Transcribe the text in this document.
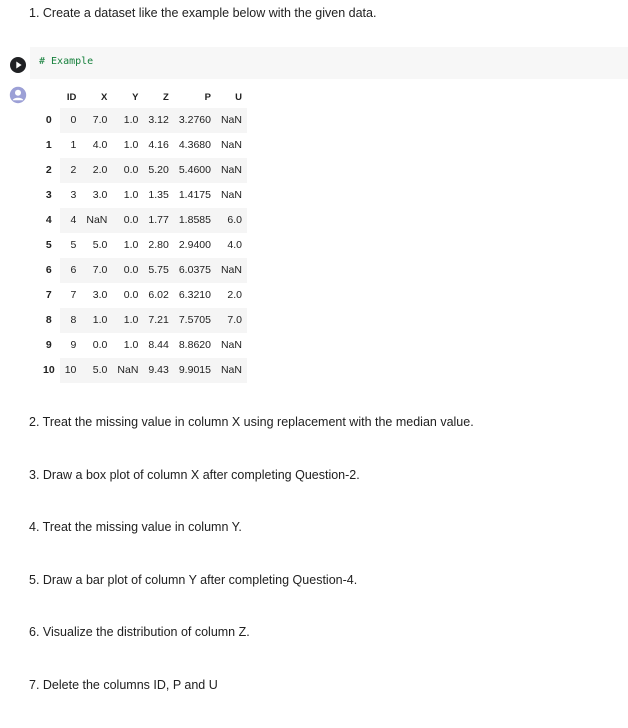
1. Create a dataset like the example below with the given data.
# Example
	ID	X	Y	Z	P	U
0	0	7.0	1.0	3.12	3.2760	NaN
1	1	4.0	1.0	4.16	4.3680	NaN
2	2	2.0	0.0	5.20	5.4600	NaN
3	3	3.0	1.0	1.35	1.4175	NaN
4	4	NaN	0.0	1.77	1.8585	6.0
5	5	5.0	1.0	2.80	2.9400	4.0
6	6	7.0	0.0	5.75	6.0375	NaN
7	7	3.0	0.0	6.02	6.3210	2.0
8	8	1.0	1.0	7.21	7.5705	7.0
9	9	0.0	1.0	8.44	8.8620	NaN
10	10	5.0	NaN	9.43	9.9015	NaN
2. Treat the missing value in column X using replacement with the median value.
3. Draw a box plot of column X after completing Question-2.
4. Treat the missing value in column Y.
5. Draw a bar plot of column Y after completing Question-4.
6. Visualize the distribution of column Z.
7. Delete the columns ID, P and U
